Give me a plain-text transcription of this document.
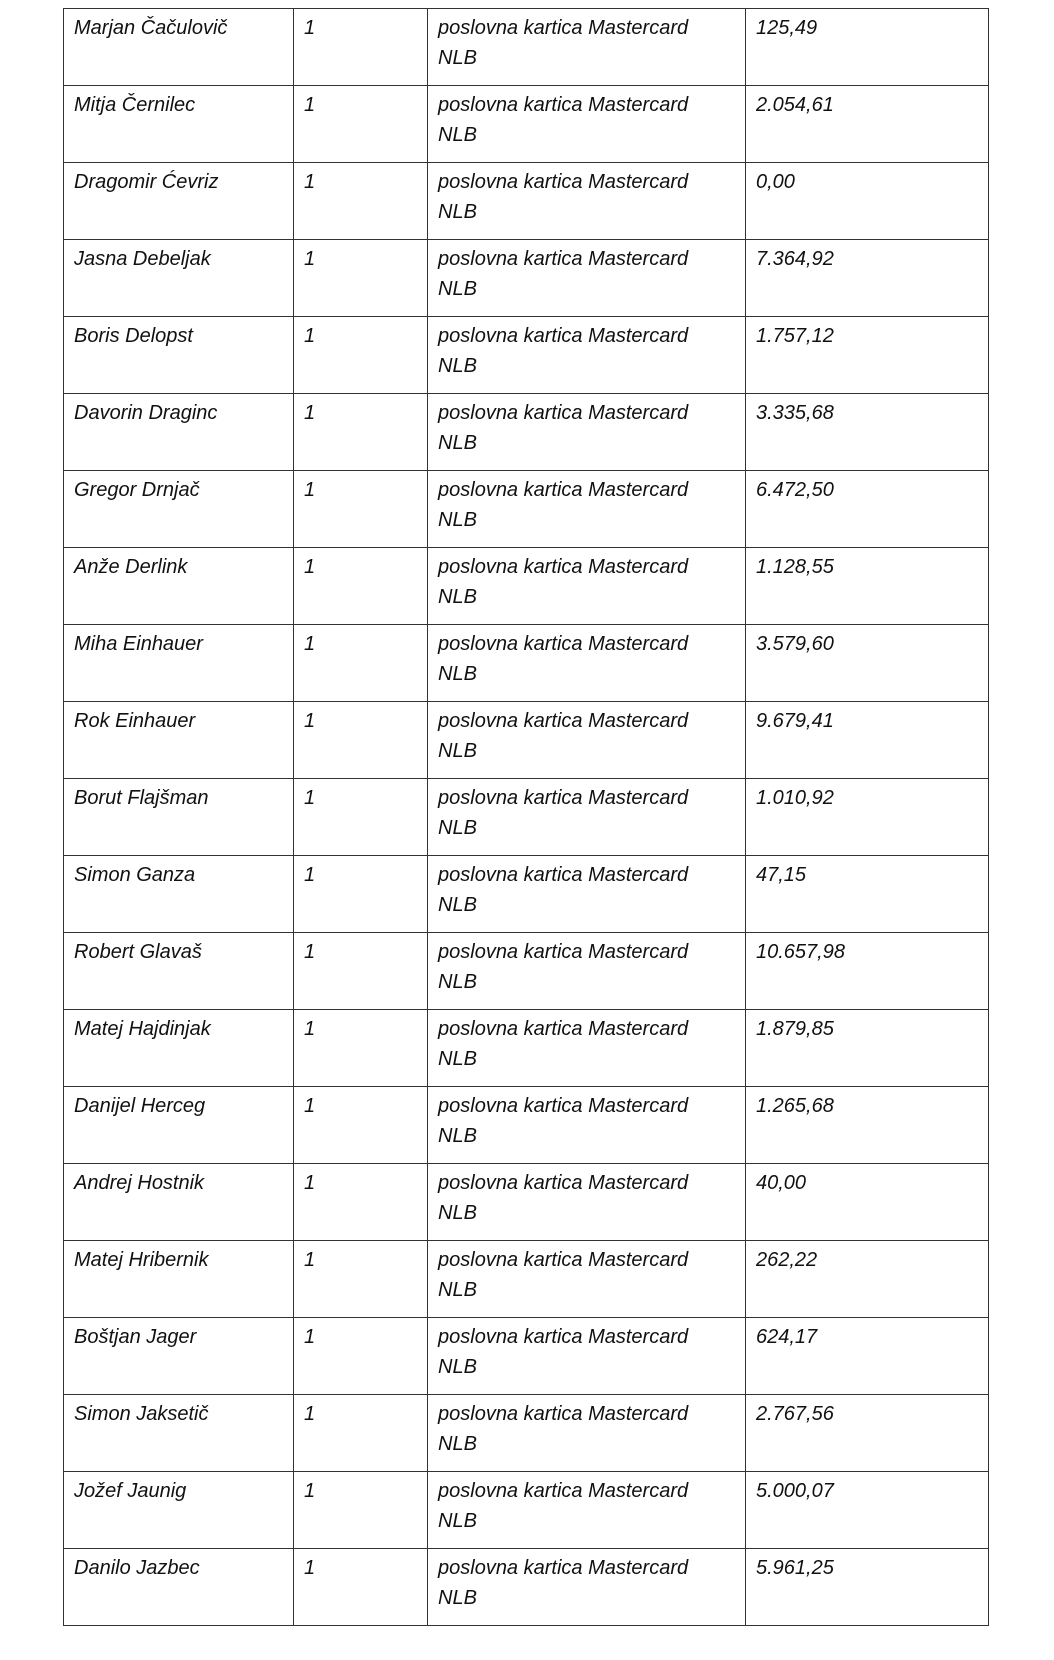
Marjan Čačulovič	1	poslovna kartica Mastercard
NLB	125,49

Mitja Černilec	1	poslovna kartica Mastercard
NLB	2.054,61

Dragomir Ćevriz	1	poslovna kartica Mastercard
NLB	0,00

Jasna Debeljak	1	poslovna kartica Mastercard
NLB	7.364,92

Boris Delopst	1	poslovna kartica Mastercard
NLB	1.757,12

Davorin Draginc	1	poslovna kartica Mastercard
NLB	3.335,68

Gregor Drnjač	1	poslovna kartica Mastercard
NLB	6.472,50

Anže Derlink	1	poslovna kartica Mastercard
NLB	1.128,55

Miha Einhauer	1	poslovna kartica Mastercard
NLB	3.579,60

Rok Einhauer	1	poslovna kartica Mastercard
NLB	9.679,41

Borut Flajšman	1	poslovna kartica Mastercard
NLB	1.010,92

Simon Ganza	1	poslovna kartica Mastercard
NLB	47,15

Robert Glavaš	1	poslovna kartica Mastercard
NLB	10.657,98

Matej Hajdinjak	1	poslovna kartica Mastercard
NLB	1.879,85

Danijel Herceg	1	poslovna kartica Mastercard
NLB	1.265,68

Andrej Hostnik	1	poslovna kartica Mastercard
NLB	40,00

Matej Hribernik	1	poslovna kartica Mastercard
NLB	262,22

Boštjan Jager	1	poslovna kartica Mastercard
NLB	624,17

Simon Jaksetič	1	poslovna kartica Mastercard
NLB	2.767,56

Jožef Jaunig	1	poslovna kartica Mastercard
NLB	5.000,07

Danilo Jazbec	1	poslovna kartica Mastercard
NLB	5.961,25
